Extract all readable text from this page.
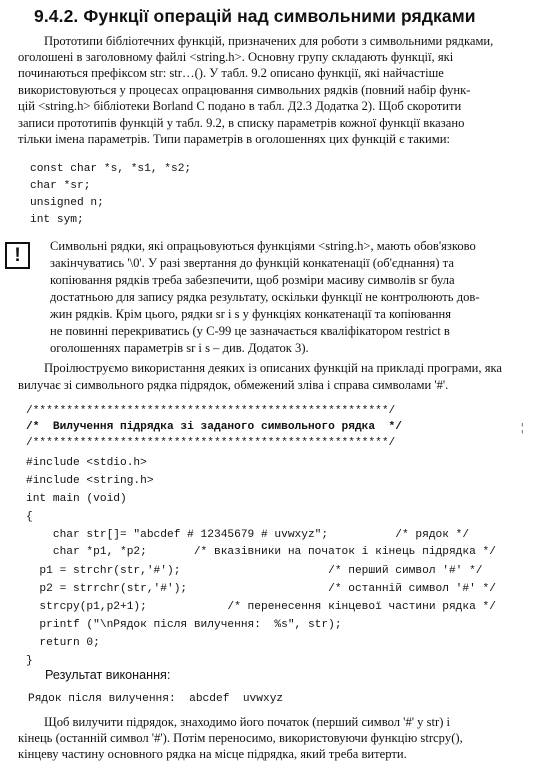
9.4.2. Функції операцій над символьними рядками
Прототипи бібліотечних функцій, призначених для роботи з символьними рядками,
оголошені в заголовному файлі <string.h>. Основну групу складають функції, які
починаються префіксом str: str…(). У табл. 9.2 описано функції, які найчастіше
використовуються у процесах опрацювання символьних рядків (повний набір функ-
цій <string.h> бібліотеки Borland C подано в табл. Д2.3 Додатка 2). Щоб скоротити
записи прототипів функцій у табл. 9.2, в списку параметрів кожної функції вказано
тільки імена параметрів. Типи параметрів в оголошеннях цих функцій є такими:
const char *s, *s1, *s2;
char *sr;
unsigned n;
int sym;
!	Символьні рядки, які опрацьовуються функціями <string.h>, мають обов'язково
закінчуватись '\0'. У разі звертання до функцій конкатенації (об'єднання) та
копіювання рядків треба забезпечити, щоб розміри масиву символів sr була
достатньою для запису рядка результату, оскільки функції не контролюють дов-
жин рядків. Крім цього, рядки sr і s у функціях конкатенації та копіювання
не повинні перекриватись (у C-99 це зазначається кваліфікатором restrict в
оголошеннях параметрів sr і s – див. Додаток 3).
Проілюструємо використання деяких із описаних функцій на прикладі програми, яка
вилучає зі символьного рядка підрядок, обмежений зліва і справа символами '#'.
/*****************************************************/
/*  Вилучення підрядка зі заданого символьного рядка  */
/*****************************************************/
#include <stdio.h>
#include <string.h>
int main (void)
{
char str[]= "abcdef # 12345679 # uvwxyz";          /* рядок */
char *p1, *p2;       /* вказівники на початок і кінець підрядка */
p1 = strchr(str,'#');                      /* перший символ '#' */
p2 = strrchr(str,'#');                     /* останній символ '#' */
strcpy(p1,p2+1);            /* перенесення кінцевої частини рядка */
printf ("\nРядок після вилучення:  %s", str);
return 0;
}
¦
Результат виконання:
Рядок після вилучення:  abcdef  uvwxyz
Щоб вилучити підрядок, знаходимо його початок (перший символ '#' у str) і
кінець (останній символ '#'). Потім переносимо, використовуючи функцію strcpy(),
кінцеву частину основного рядка на місце підрядка, який треба витерти.
